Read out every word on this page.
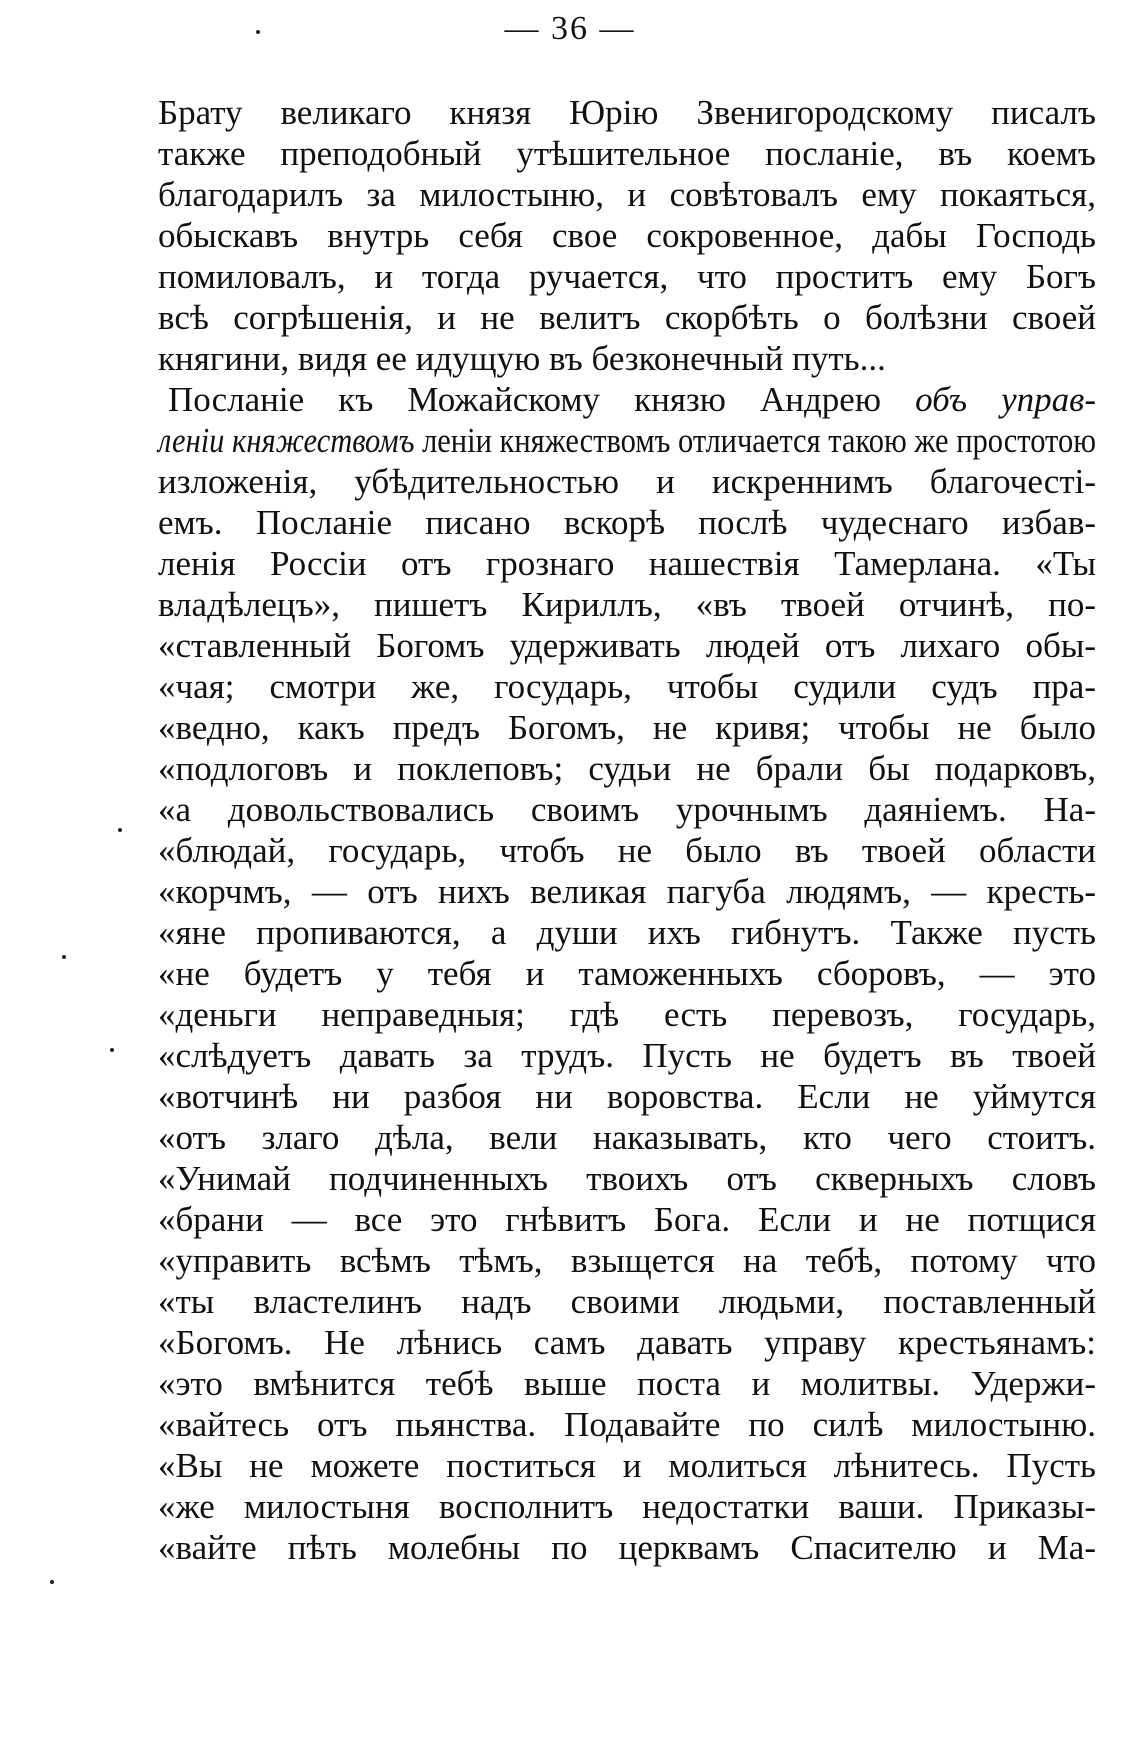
— 36 —
Брату великаго князя Юрію Звенигородскому писалъ
также преподобный утѣшительное посланіе, въ коемъ
благодарилъ за милостыню, и совѣтовалъ ему покаяться,
обыскавъ внутрь себя свое сокровенное, дабы Господь
помиловалъ, и тогда ручается, что проститъ ему Богъ
всѣ согрѣшенія, и не велитъ скорбѣть о болѣзни своей
княгини, видя ее идущую въ безконечный путь...
Посланіе къ Можайскому князю Андрею объ управ-
леніи княжествомъ леніи княжествомъ отличается такою же простотою
изложенія, убѣдительностью и искреннимъ благочесті-
емъ. Посланіе писано вскорѣ послѣ чудеснаго избав-
ленія Россіи отъ грознаго нашествія Тамерлана. «Ты
владѣлецъ», пишетъ Кириллъ, «въ твоей отчинѣ, по-
«ставленный Богомъ удерживать людей отъ лихаго обы-
«чая; смотри же, государь, чтобы судили судъ пра-
«ведно, какъ предъ Богомъ, не кривя; чтобы не было
«подлоговъ и поклеповъ; судьи не брали бы подарковъ,
«а довольствовались своимъ урочнымъ даяніемъ. На-
«блюдай, государь, чтобъ не было въ твоей области
«корчмъ, — отъ нихъ великая пагуба людямъ, — кресть-
«яне пропиваются, а души ихъ гибнутъ. Также пусть
«не будетъ у тебя и таможенныхъ сборовъ, — это
«деньги неправедныя; гдѣ есть перевозъ, государь,
«слѣдуетъ давать за трудъ. Пусть не будетъ въ твоей
«вотчинѣ ни разбоя ни воровства. Если не уймутся
«отъ злаго дѣла, вели наказывать, кто чего стоитъ.
«Унимай подчиненныхъ твоихъ отъ скверныхъ словъ
«брани — все это гнѣвитъ Бога. Если и не потщися
«управить всѣмъ тѣмъ, взыщется на тебѣ, потому что
«ты властелинъ надъ своими людьми, поставленный
«Богомъ. Не лѣнись самъ давать управу крестьянамъ:
«это вмѣнится тебѣ выше поста и молитвы. Удержи-
«вайтесь отъ пьянства. Подавайте по силѣ милостыню.
«Вы не можете поститься и молиться лѣнитесь. Пусть
«же милостыня восполнитъ недостатки ваши. Приказы-
«вайте пѣть молебны по церквамъ Спасителю и Ма-
